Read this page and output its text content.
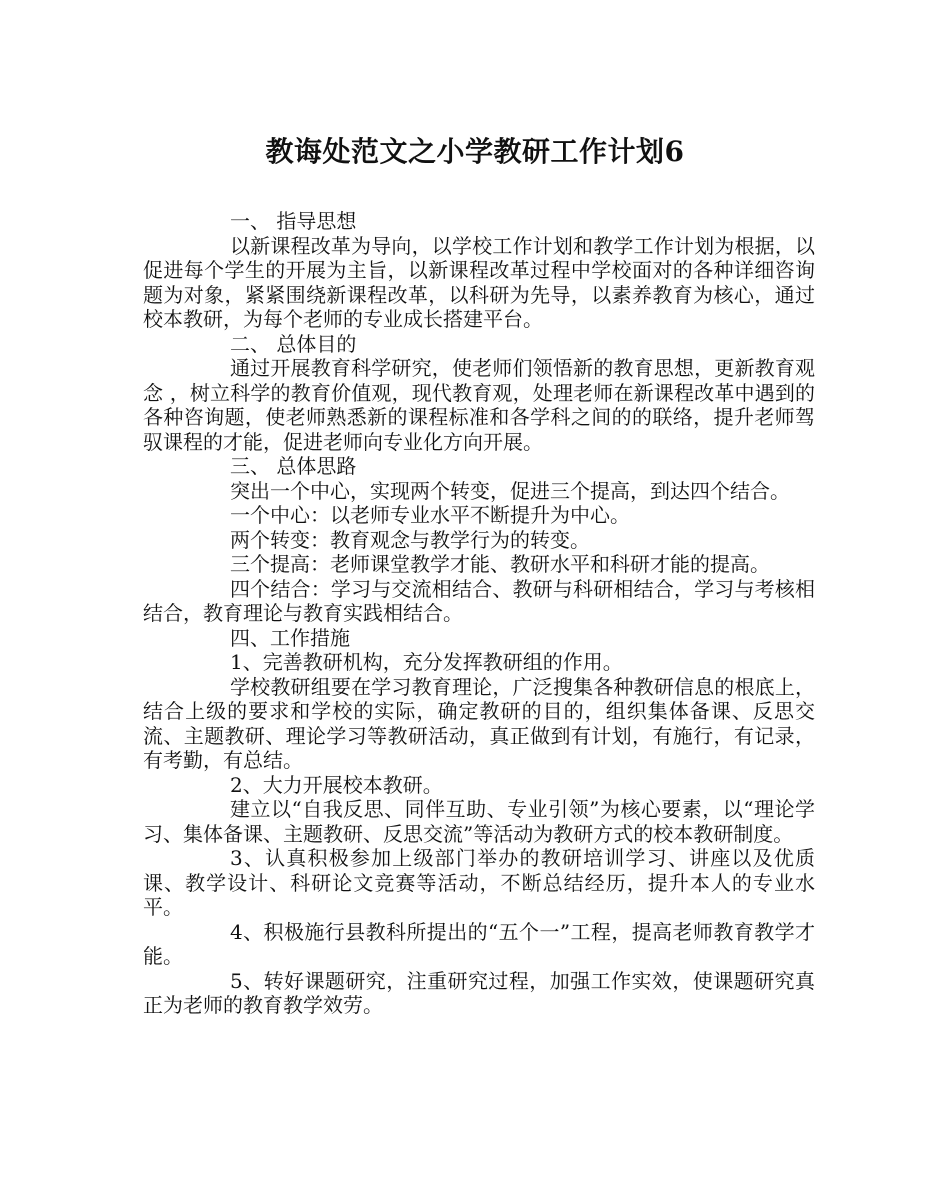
教诲处范文之小学教研工作计划6

一、 指导思想

以新课程改革为导向，以学校工作计划和教学工作计划为根据，以促进每个学生的开展为主旨，以新课程改革过程中学校面对的各种详细咨询题为对象，紧紧围绕新课程改革，以科研为先导，以素养教育为核心，通过校本教研，为每个老师的专业成长搭建平台。

二、 总体目的

通过开展教育科学研究，使老师们领悟新的教育思想，更新教育观念 ，树立科学的教育价值观，现代教育观，处理老师在新课程改革中遇到的各种咨询题，使老师熟悉新的课程标准和各学科之间的的联络，提升老师驾驭课程的才能，促进老师向专业化方向开展。

三、 总体思路

突出一个中心，实现两个转变，促进三个提高，到达四个结合。

一个中心：以老师专业水平不断提升为中心。

两个转变：教育观念与教学行为的转变。

三个提高：老师课堂教学才能、教研水平和科研才能的提高。

四个结合：学习与交流相结合、教研与科研相结合，学习与考核相结合，教育理论与教育实践相结合。

四、工作措施

1、完善教研机构，充分发挥教研组的作用。

学校教研组要在学习教育理论，广泛搜集各种教研信息的根底上，结合上级的要求和学校的实际，确定教研的目的，组织集体备课、反思交流、主题教研、理论学习等教研活动，真正做到有计划，有施行，有记录，有考勤，有总结。

2、大力开展校本教研。

建立以“自我反思、同伴互助、专业引领”为核心要素，以“理论学习、集体备课、主题教研、反思交流”等活动为教研方式的校本教研制度。

3、认真积极参加上级部门举办的教研培训学习、讲座以及优质课、教学设计、科研论文竞赛等活动，不断总结经历，提升本人的专业水平。

4、积极施行县教科所提出的“五个一”工程，提高老师教育教学才能。

5、转好课题研究，注重研究过程，加强工作实效，使课题研究真正为老师的教育教学效劳。
